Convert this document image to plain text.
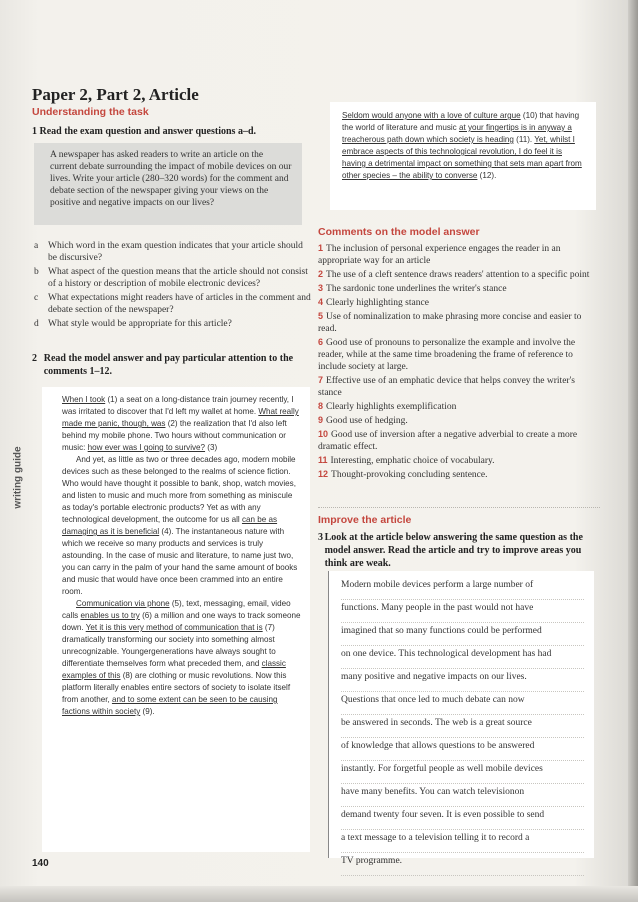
Paper 2, Part 2, Article
Understanding the task
1 Read the exam question and answer questions a–d.
A newspaper has asked readers to write an article on the current debate surrounding the impact of mobile devices on our lives. Write your article (280–320 words) for the comment and debate section of the newspaper giving your views on the positive and negative impacts on our lives?
a	Which word in the exam question indicates that your article should be discursive?
b What aspect of the question means that the article should not consist of a history or description of mobile electronic devices?
c	What expectations might readers have of articles in the comment and debate section of the newspaper?
d What style would be appropriate for this article?
2 Read the model answer and pay particular attention to the comments 1–12.

When I took (1) a seat on a long-distance train journey recently, I was irritated to discover that I'd left my wallet at home. What really made me panic, though, was (2) the realization that I'd also left behind my mobile phone. Two hours without communication or music: how ever was I going to survive? (3)

And yet, as little as two or three decades ago, modern mobile devices such as these belonged to the realms of science fiction. Who would have thought it possible to bank, shop, watch movies, and listen to music and much more from something as miniscule as today's portable electronic products? Yet as with any technological development, the outcome for us all can be as damaging as it is beneficial (4). The instantaneous nature with which we receive so many products and services is truly astounding. In the case of music and literature, to name just two, you can carry in the palm of your hand the same amount of books and music that would have once been crammed into an entire room.

Communication via phone (5), text, messaging, email, video calls enables us to try (6) a million and one ways to track someone down. Yet it is this very method of communication that is (7) dramatically transforming our society into something almost unrecognizable. Youngergenerations have always sought to differentiate themselves form what preceded them, and classic examples of this (8) are clothing or music revolutions. Now this platform literally enables entire sectors of society to isolate itself from another, and to some extent can be seen to be causing factions within society (9).

writing guide
140

Seldom would anyone with a love of culture argue (10) that having the world of literature and music at your fingertips is in anyway a treacherous path down which society is heading (11). Yet, whilst I embrace aspects of this technological revolution, I do feel it is having a detrimental impact on something that sets man apart from other species – the ability to converse (12).

Comments on the model answer

1 The inclusion of personal experience engages the reader in an appropriate way for an article

2 The use of a cleft sentence draws readers' attention to a specific point

3 The sardonic tone underlines the writer's stance

4 Clearly highlighting stance

5 Use of nominalization to make phrasing more concise and easier to read.

6 Good use of pronouns to personalize the example and involve the reader, while at the same time broadening the frame of reference to include society at large.

7 Effective use of an emphatic device that helps convey the writer's stance

8 Clearly highlights exemplification

9 Good use of hedging.

10 Good use of inversion after a negative adverbial to create a more dramatic effect.

11 Interesting, emphatic choice of vocabulary.

12 Thought-provoking concluding sentence.

Improve the article
3 Look at the article below answering the same question as the model answer. Read the article and try to improve areas you think are weak.
Modern mobile devices perform a large number of
functions. Many people in the past would not have
imagined that so many functions could be performed
on one device. This technological development has had
many positive and negative impacts on our lives.
Questions that once led to much debate can now
be answered in seconds. The web is a great source
of knowledge that allows questions to be answered
instantly. For forgetful people as well mobile devices
have many benefits. You can watch televisionon
demand twenty four seven. It is even possible to send
a text message to a television telling it to record a
TV programme.
